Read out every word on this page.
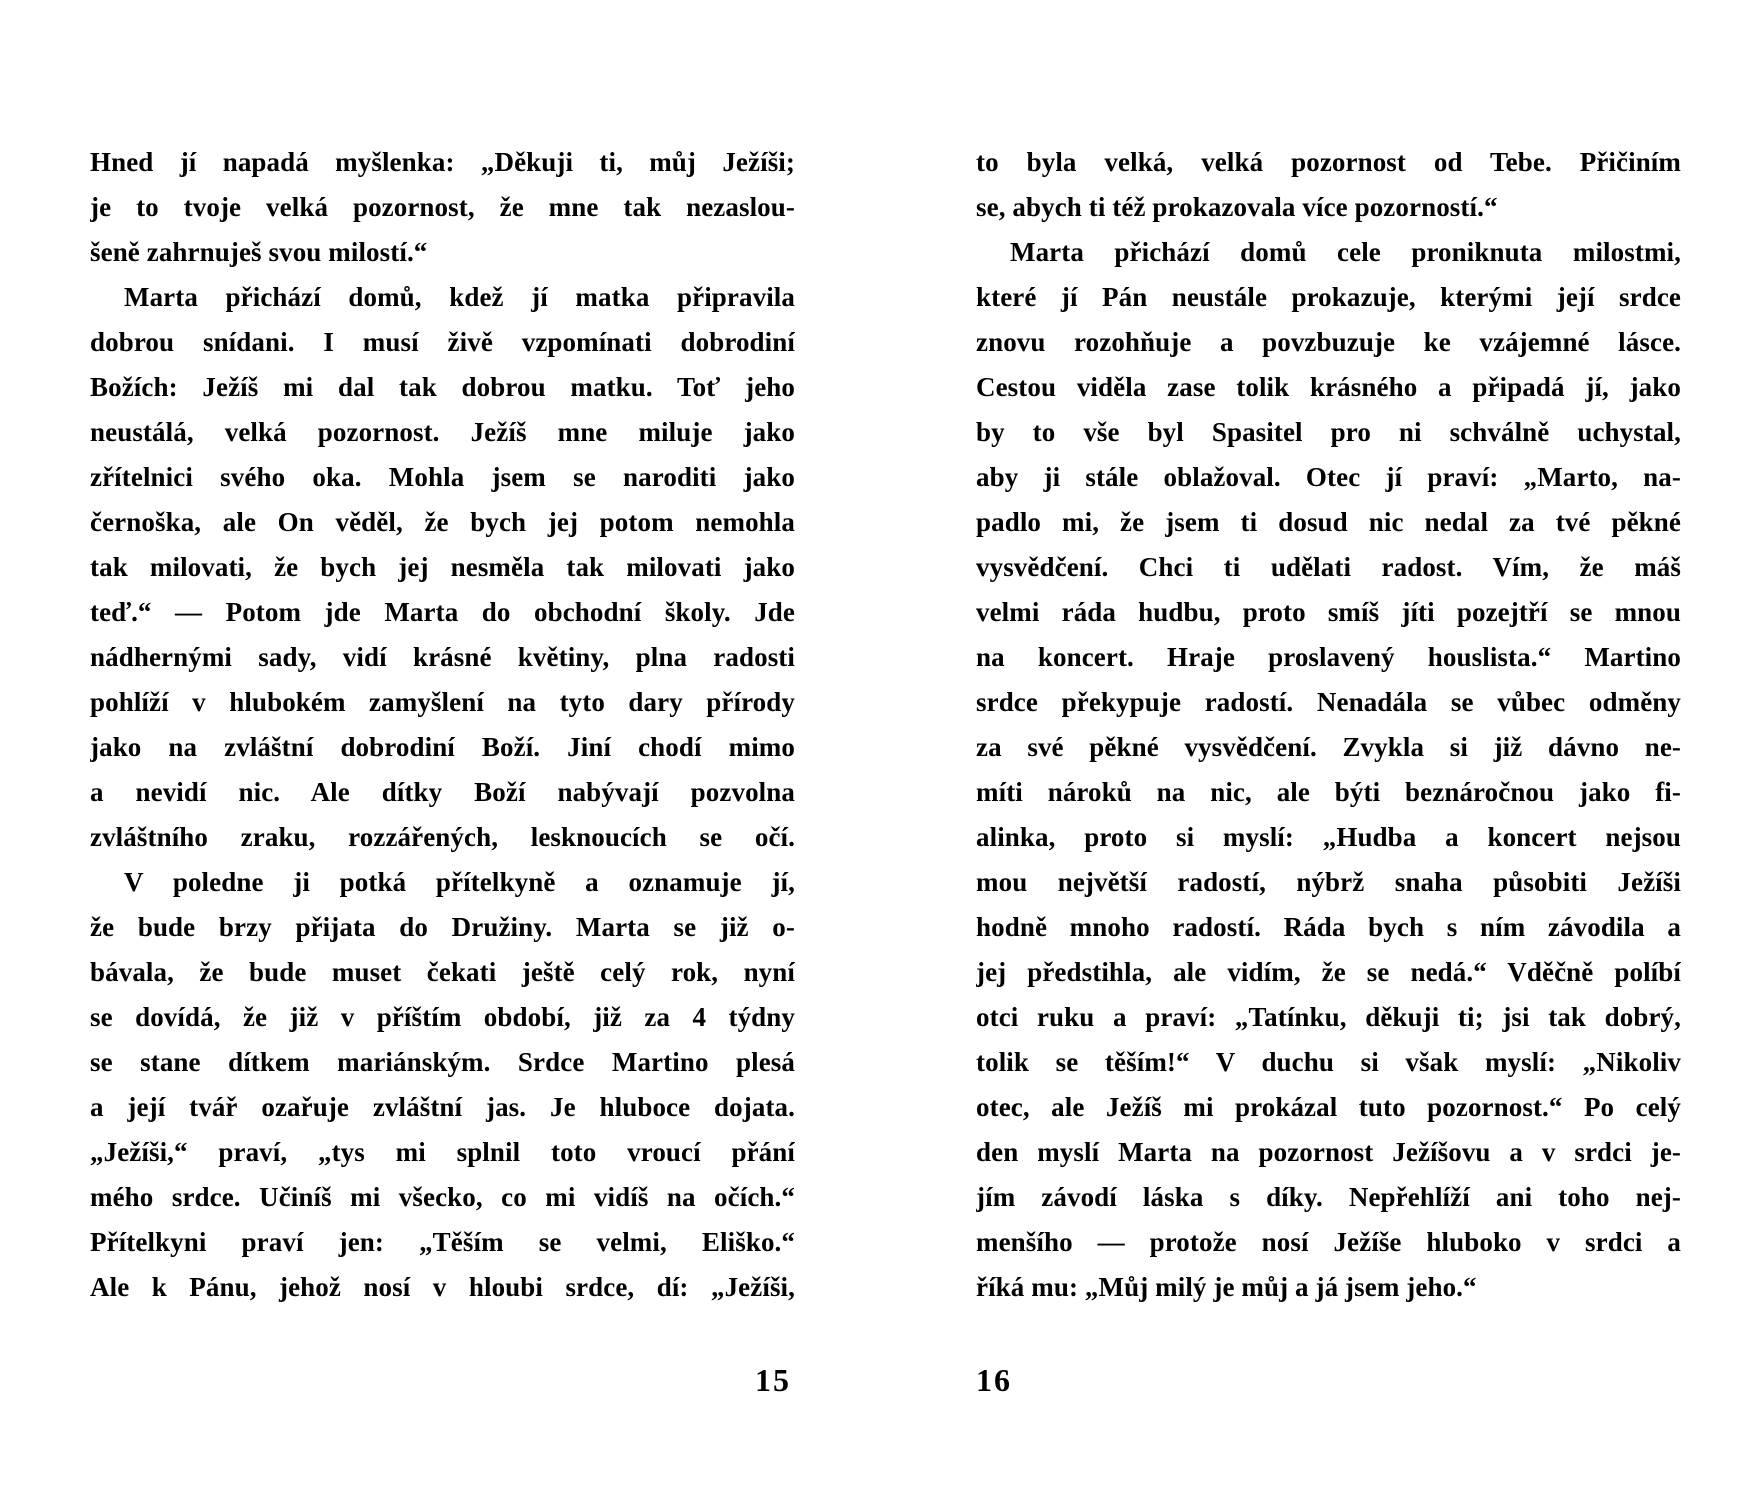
Hned jí napadá myšlenka: „Děkuji ti, můj Ježíši;
je to tvoje velká pozornost, že mne tak nezaslou-
šeně zahrnuješ svou milostí.“
Marta přichází domů, kdež jí matka připravila
dobrou snídani. I musí živě vzpomínati dobrodiní
Božích: Ježíš mi dal tak dobrou matku. Toť jeho
neustálá, velká pozornost. Ježíš mne miluje jako
zřítelnici svého oka. Mohla jsem se naroditi jako
černoška, ale On věděl, že bych jej potom nemohla
tak milovati, že bych jej nesměla tak milovati jako
teď.“ — Potom jde Marta do obchodní školy. Jde
nádhernými sady, vidí krásné květiny, plna radosti
pohlíží v hlubokém zamyšlení na tyto dary přírody
jako na zvláštní dobrodiní Boží. Jiní chodí mimo
a nevidí nic. Ale dítky Boží nabývají pozvolna
zvláštního zraku, rozzářených, lesknoucích se očí.
V poledne ji potká přítelkyně a oznamuje jí,
že bude brzy přijata do Družiny. Marta se již o-
bávala, že bude muset čekati ještě celý rok, nyní
se dovídá, že již v příštím období, již za 4 týdny
se stane dítkem mariánským. Srdce Martino plesá
a její tvář ozařuje zvláštní jas. Je hluboce dojata.
„Ježíši,“ praví, „tys mi splnil toto vroucí přání
mého srdce. Učiníš mi všecko, co mi vidíš na očích.“
Přítelkyni praví jen: „Těším se velmi, Eliško.“
Ale k Pánu, jehož nosí v hloubi srdce, dí: „Ježíši,
to byla velká, velká pozornost od Tebe. Přičiním
se, abych ti též prokazovala více pozorností.“
Marta přichází domů cele proniknuta milostmi,
které jí Pán neustále prokazuje, kterými její srdce
znovu rozohňuje a povzbuzuje ke vzájemné lásce.
Cestou viděla zase tolik krásného a připadá jí, jako
by to vše byl Spasitel pro ni schválně uchystal,
aby ji stále oblažoval. Otec jí praví: „Marto, na-
padlo mi, že jsem ti dosud nic nedal za tvé pěkné
vysvědčení. Chci ti udělati radost. Vím, že máš
velmi ráda hudbu, proto smíš jíti pozejtří se mnou
na koncert. Hraje proslavený houslista.“ Martino
srdce překypuje radostí. Nenadála se vůbec odměny
za své pěkné vysvědčení. Zvykla si již dávno ne-
míti nároků na nic, ale býti beznáročnou jako fi-
alinka, proto si myslí: „Hudba a koncert nejsou
mou největší radostí, nýbrž snaha působiti Ježíši
hodně mnoho radostí. Ráda bych s ním závodila a
jej předstihla, ale vidím, že se nedá.“ Vděčně políbí
otci ruku a praví: „Tatínku, děkuji ti; jsi tak dobrý,
tolik se těším!“ V duchu si však myslí: „Nikoliv
otec, ale Ježíš mi prokázal tuto pozornost.“ Po celý
den myslí Marta na pozornost Ježíšovu a v srdci je-
jím závodí láska s díky. Nepřehlíží ani toho nej-
menšího — protože nosí Ježíše hluboko v srdci a
říká mu: „Můj milý je můj a já jsem jeho.“
15	16
